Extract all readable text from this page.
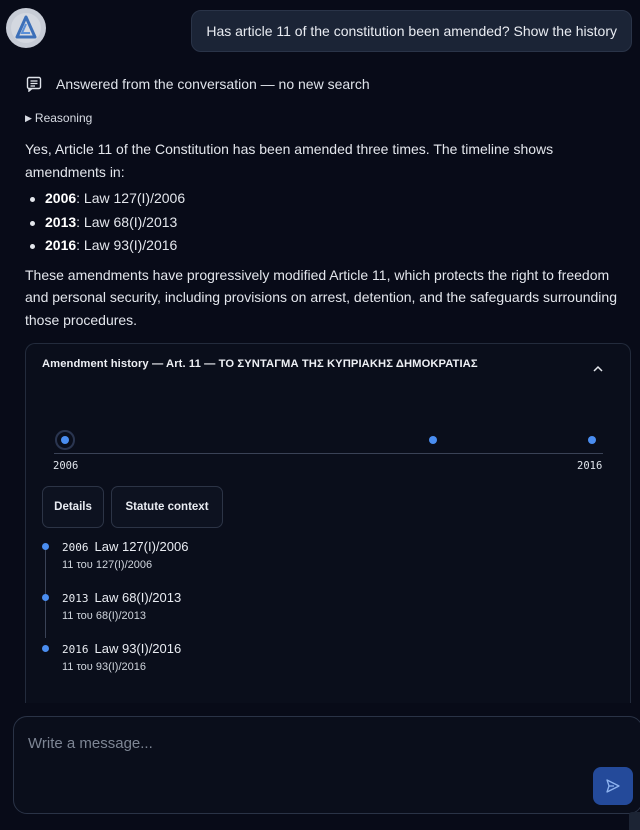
Has article 11 of the constitution been amended? Show the history
Answered from the conversation — no new search
▶ Reasoning

Yes, Article 11 of the Constitution has been amended three times. The timeline shows amendments in:

2006: Law 127(I)/2006
2013: Law 68(I)/2013
2016: Law 93(I)/2016

These amendments have progressively modified Article 11, which protects the right to freedom and personal security, including provisions on arrest, detention, and the safeguards surrounding those procedures.

Amendment history — Art. 11 — ΤΟ ΣΥΝΤΑΓΜΑ ΤΗΣ ΚΥΠΡΙΑΚΗΣ ΔΗΜΟΚΡΑΤΙΑΣ
2006	2016
Details	Statute context
2006 Law 127(I)/2006
11 του 127(I)/2006
2013 Law 68(I)/2013
11 του 68(I)/2013
2016 Law 93(I)/2016
11 του 93(I)/2016
Write a message...
